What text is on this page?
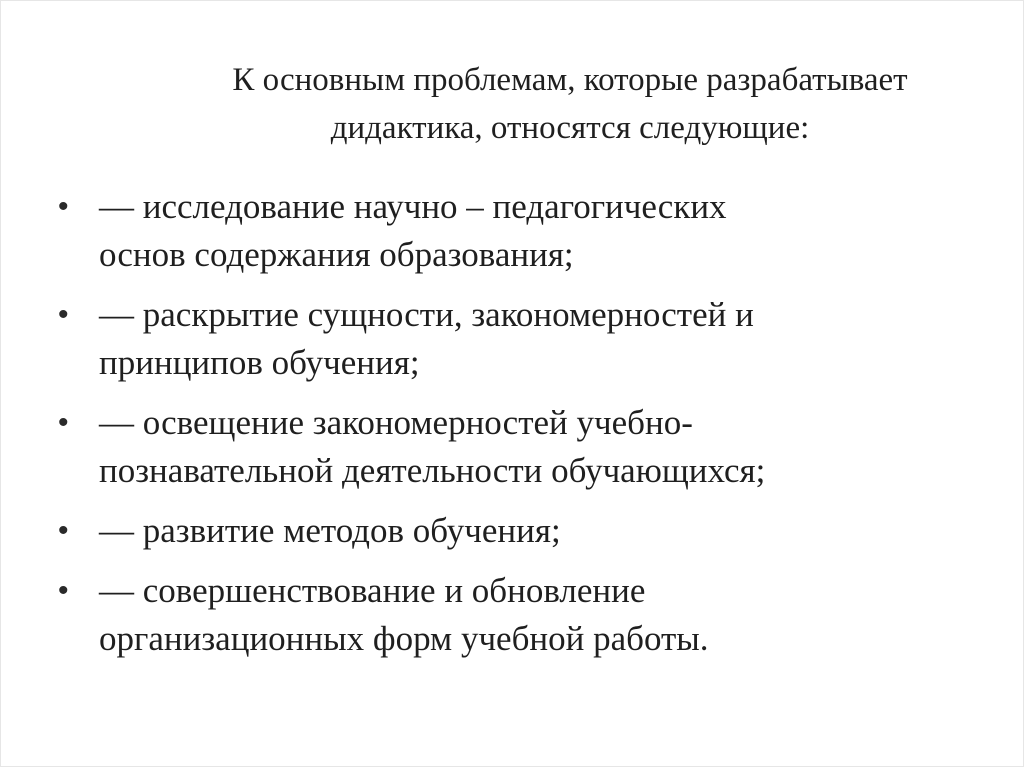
К основным проблемам, которые разрабатывает
дидактика, относятся следующие:
• ― исследование научно – педагогических
основ содержания образования;
• — раскрытие сущности, закономерностей и
принципов обучения;
• — освещение закономерностей учебно-
познавательной деятельности обучающихся;
• — развитие методов обучения;
• — совершенствование и обновление
организационных форм учебной работы.
